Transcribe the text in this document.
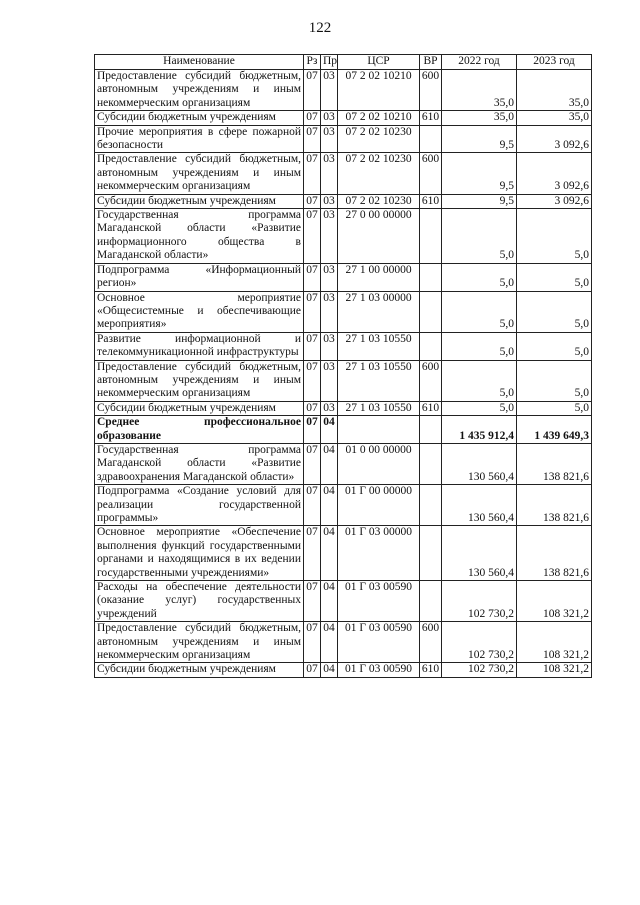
122
Наименование	Рз	Пр	ЦСР	ВР	2022 год	2023 год
Предоставление субсидий бюджетным, автономным учреждениям и иным некоммерческим организациям	07	03	07 2 02 10210	600	35,0	35,0
Субсидии бюджетным учреждениям	07	03	07 2 02 10210	610	35,0	35,0
Прочие мероприятия в сфере пожарной безопасности	07	03	07 2 02 10230		9,5	3 092,6
Предоставление субсидий бюджетным, автономным учреждениям и иным некоммерческим организациям	07	03	07 2 02 10230	600	9,5	3 092,6
Субсидии бюджетным учреждениям	07	03	07 2 02 10230	610	9,5	3 092,6
Государственная программа Магаданской области «Развитие информационного общества в Магаданской области»	07	03	27 0 00 00000		5,0	5,0
Подпрограмма «Информационный регион»	07	03	27 1 00 00000		5,0	5,0
Основное мероприятие «Общесистемные и обеспечивающие мероприятия»	07	03	27 1 03 00000		5,0	5,0
Развитие информационной и телекоммуникационной инфраструктуры	07	03	27 1 03 10550		5,0	5,0
Предоставление субсидий бюджетным, автономным учреждениям и иным некоммерческим организациям	07	03	27 1 03 10550	600	5,0	5,0
Субсидии бюджетным учреждениям	07	03	27 1 03 10550	610	5,0	5,0
Среднее профессиональное образование	07	04			1 435 912,4	1 439 649,3
Государственная программа Магаданской области «Развитие здравоохранения Магаданской области»	07	04	01 0 00 00000		130 560,4	138 821,6
Подпрограмма «Создание условий для реализации государственной программы»	07	04	01 Г 00 00000		130 560,4	138 821,6
Основное мероприятие «Обеспечение выполнения функций государственными органами и находящимися в их ведении государственными учреждениями»	07	04	01 Г 03 00000		130 560,4	138 821,6
Расходы на обеспечение деятельности (оказание услуг) государственных учреждений	07	04	01 Г 03 00590		102 730,2	108 321,2
Предоставление субсидий бюджетным, автономным учреждениям и иным некоммерческим организациям	07	04	01 Г 03 00590	600	102 730,2	108 321,2
Субсидии бюджетным учреждениям	07	04	01 Г 03 00590	610	102 730,2	108 321,2
